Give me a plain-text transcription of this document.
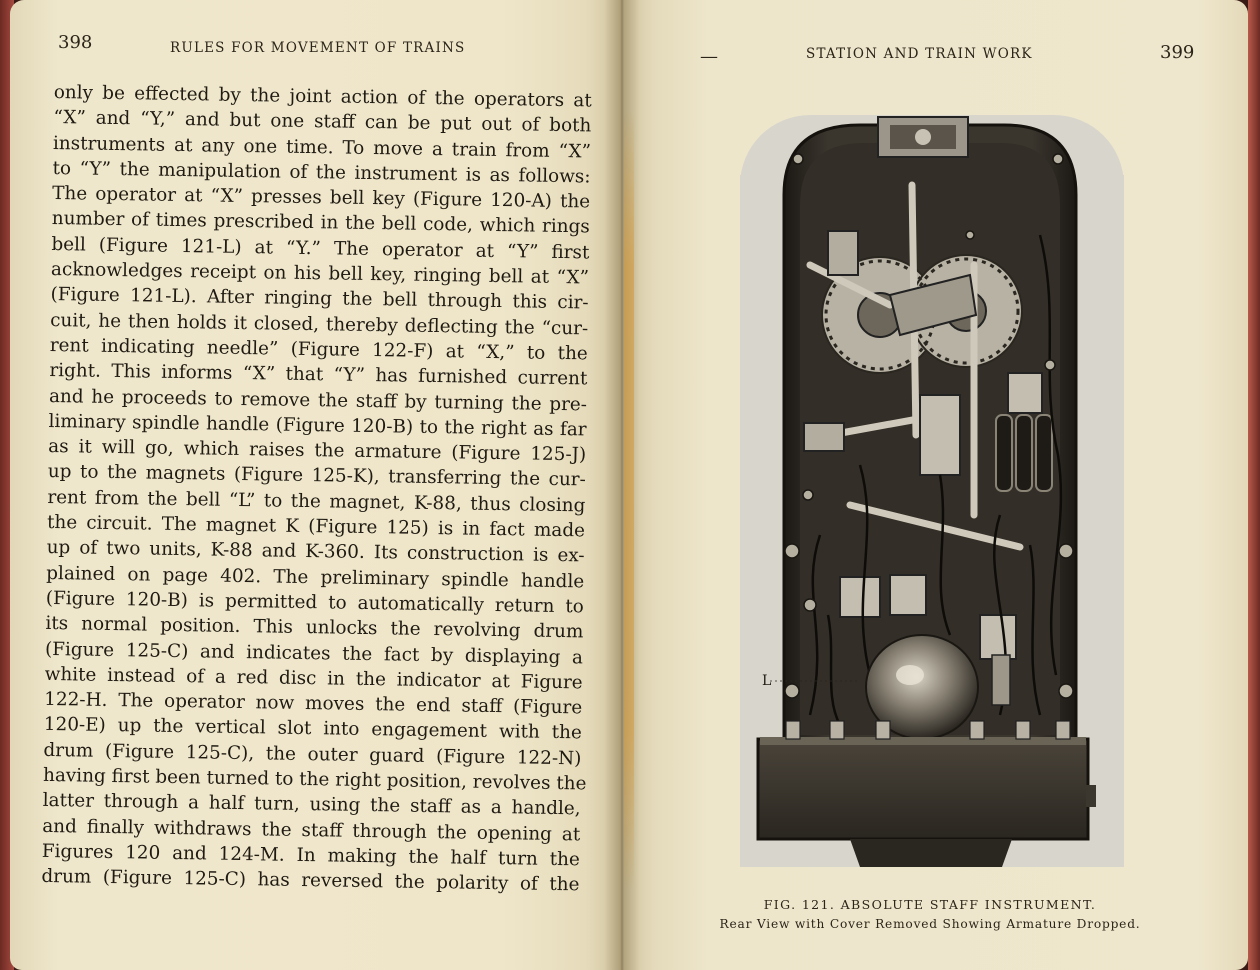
398	RULES FOR MOVEMENT OF TRAINS
only be effected by the joint action of the operators at
“X” and “Y,” and but one staff can be put out of both
instruments at any one time. To move a train from “X”
to “Y” the manipulation of the instrument is as follows:
The operator at “X” presses bell key (Figure 120-A) the
number of times prescribed in the bell code, which rings
bell (Figure 121-L) at “Y.” The operator at “Y” first
acknowledges receipt on his bell key, ringing bell at “X”
(Figure 121-L). After ringing the bell through this cir-
cuit, he then holds it closed, thereby deflecting the “cur-
rent indicating needle” (Figure 122-F) at “X,” to the
right. This informs “X” that “Y” has furnished current
and he proceeds to remove the staff by turning the pre-
liminary spindle handle (Figure 120-B) to the right as far
as it will go, which raises the armature (Figure 125-J)
up to the magnets (Figure 125-K), transferring the cur-
rent from the bell “L” to the magnet, K-88, thus closing
the circuit. The magnet K (Figure 125) is in fact made
up of two units, K-88 and K-360. Its construction is ex-
plained on page 402. The preliminary spindle handle
(Figure 120-B) is permitted to automatically return to
its normal position. This unlocks the revolving drum
(Figure 125-C) and indicates the fact by displaying a
white instead of a red disc in the indicator at Figure
122-H. The operator now moves the end staff (Figure
120-E) up the vertical slot into engagement with the
drum (Figure 125-C), the outer guard (Figure 122-N)
having first been turned to the right position, revolves the
latter through a half turn, using the staff as a handle,
and finally withdraws the staff through the opening at
Figures 120 and 124-M. In making the half turn the
drum (Figure 125-C) has reversed the polarity of the
—	STATION AND TRAIN WORK	399
L
FIG. 121. ABSOLUTE STAFF INSTRUMENT.
Rear View with Cover Removed Showing Armature Dropped.
